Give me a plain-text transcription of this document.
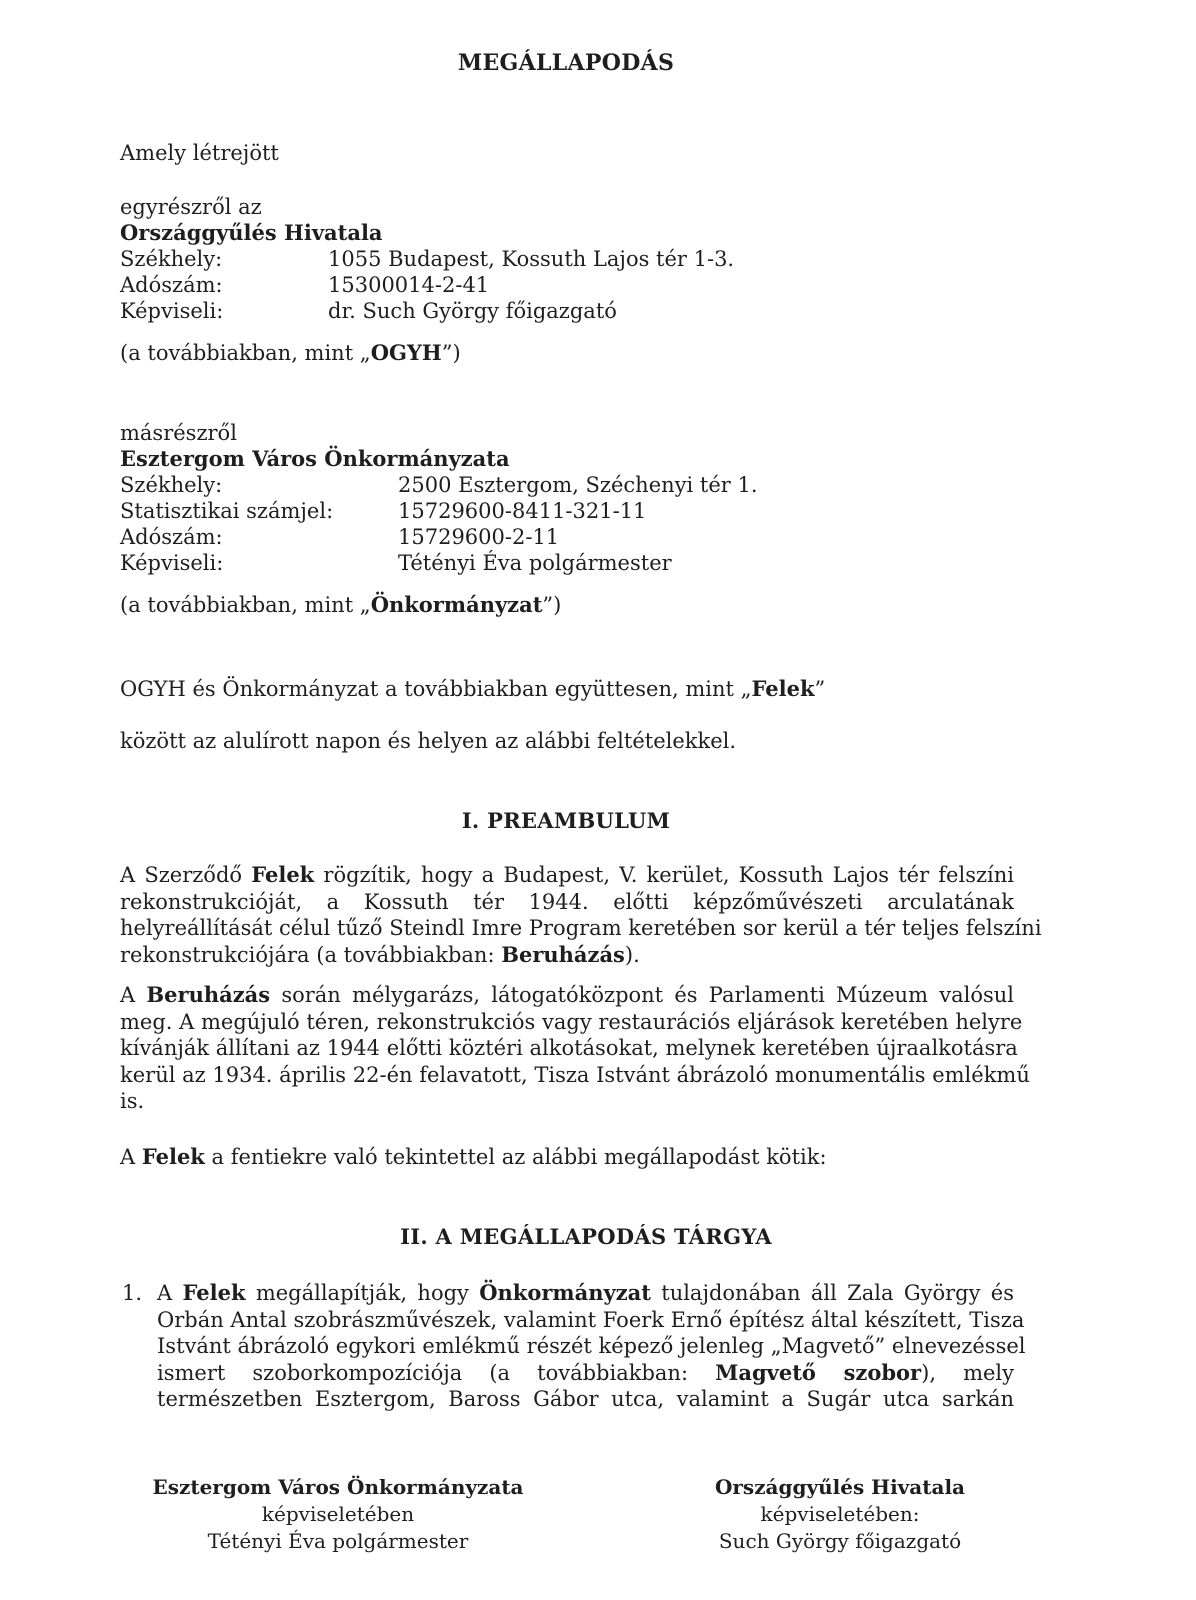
MEGÁLLAPODÁS
Amely létrejött
egyrészről az
Országgyűlés Hivatala
Székhely:	1055 Budapest, Kossuth Lajos tér 1-3.
Adószám:	15300014-2-41
Képviseli:	dr. Such György főigazgató
(a továbbiakban, mint „OGYH”)
másrészről
Esztergom Város Önkormányzata
Székhely:	2500 Esztergom, Széchenyi tér 1.
Statisztikai számjel:	15729600-8411-321-11
Adószám:	15729600-2-11
Képviseli:	Tétényi Éva polgármester
(a továbbiakban, mint „Önkormányzat”)
OGYH és Önkormányzat a továbbiakban együttesen, mint „Felek”
között az alulírott napon és helyen az alábbi feltételekkel.
I. PREAMBULUM
A Szerződő Felek rögzítik, hogy a Budapest, V. kerület, Kossuth Lajos tér felszíni
rekonstrukcióját, a Kossuth tér 1944. előtti képzőművészeti arculatának
helyreállítását célul tűző Steindl Imre Program keretében sor kerül a tér teljes felszíni
rekonstrukciójára (a továbbiakban: Beruházás).
A Beruházás során mélygarázs, látogatóközpont és Parlamenti Múzeum valósul
meg. A megújuló téren, rekonstrukciós vagy restaurációs eljárások keretében helyre
kívánják állítani az 1944 előtti köztéri alkotásokat, melynek keretében újraalkotásra
kerül az 1934. április 22-én felavatott, Tisza Istvánt ábrázoló monumentális emlékmű
is.
A Felek a fentiekre való tekintettel az alábbi megállapodást kötik:
II. A MEGÁLLAPODÁS TÁRGYA
1. A Felek megállapítják, hogy Önkormányzat tulajdonában áll Zala György és
Orbán Antal szobrászművészek, valamint Foerk Ernő építész által készített, Tisza
Istvánt ábrázoló egykori emlékmű részét képező jelenleg „Magvető” elnevezéssel
ismert szoborkompozíciója (a továbbiakban: Magvető szobor), mely
természetben Esztergom, Baross Gábor utca, valamint a Sugár utca sarkán
Esztergom Város Önkormányzata
képviseletében
Tétényi Éva polgármester
Országgyűlés Hivatala
képviseletében:
Such György főigazgató
